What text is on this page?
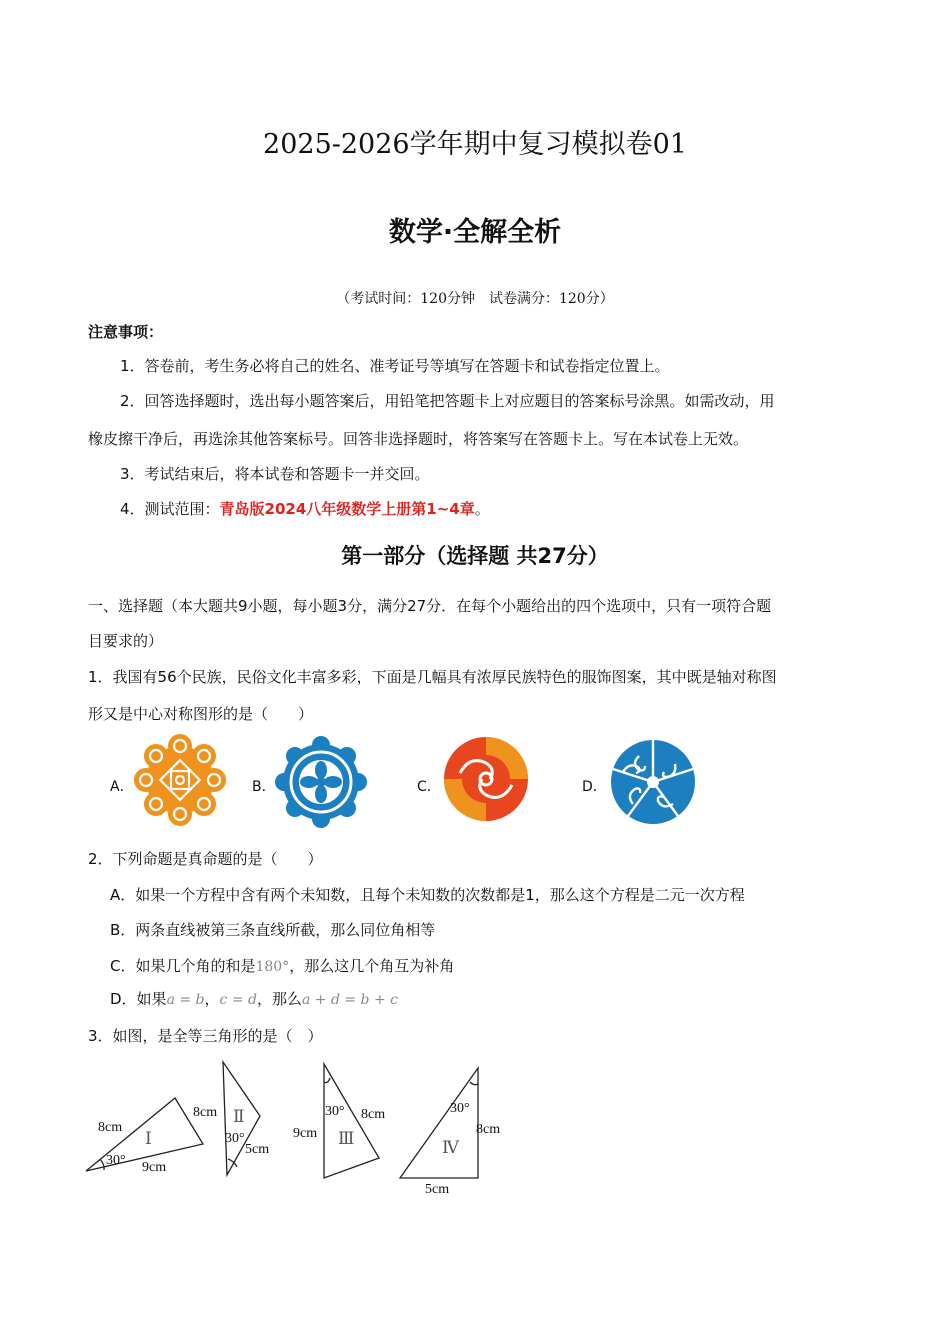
2025-2026学年期中复习模拟卷01
数学·全解全析
（考试时间：120分钟　试卷满分：120分）
注意事项：
1．答卷前，考生务必将自己的姓名、准考证号等填写在答题卡和试卷指定位置上。
2．回答选择题时，选出每小题答案后，用铅笔把答题卡上对应题目的答案标号涂黑。如需改动，用
橡皮擦干净后，再选涂其他答案标号。回答非选择题时，将答案写在答题卡上。写在本试卷上无效。
3．考试结束后，将本试卷和答题卡一并交回。
4．测试范围：青岛版2024八年级数学上册第1~4章。
第一部分（选择题 共27分）
一、选择题（本大题共9小题，每小题3分，满分27分．在每个小题给出的四个选项中，只有一项符合题
目要求的）
1．我国有56个民族，民俗文化丰富多彩，下面是几幅具有浓厚民族特色的服饰图案，其中既是轴对称图
形又是中心对称图形的是（　　）
A．	B．	C．	D．
2．下列命题是真命题的是（　　）
A．如果一个方程中含有两个未知数，且每个未知数的次数都是1，那么这个方程是二元一次方程
B．两条直线被第三条直线所截，那么同位角相等
C．如果几个角的和是180°，那么这几个角互为补角
D．如果a = b，c = d，那么a + d = b + c
3．如图，是全等三角形的是（　）
8cm
9cm
30°
Ⅰ
8cm
5cm
30°
Ⅱ
9cm
8cm
30°
Ⅲ	8cm
5cm
30°
Ⅳ
